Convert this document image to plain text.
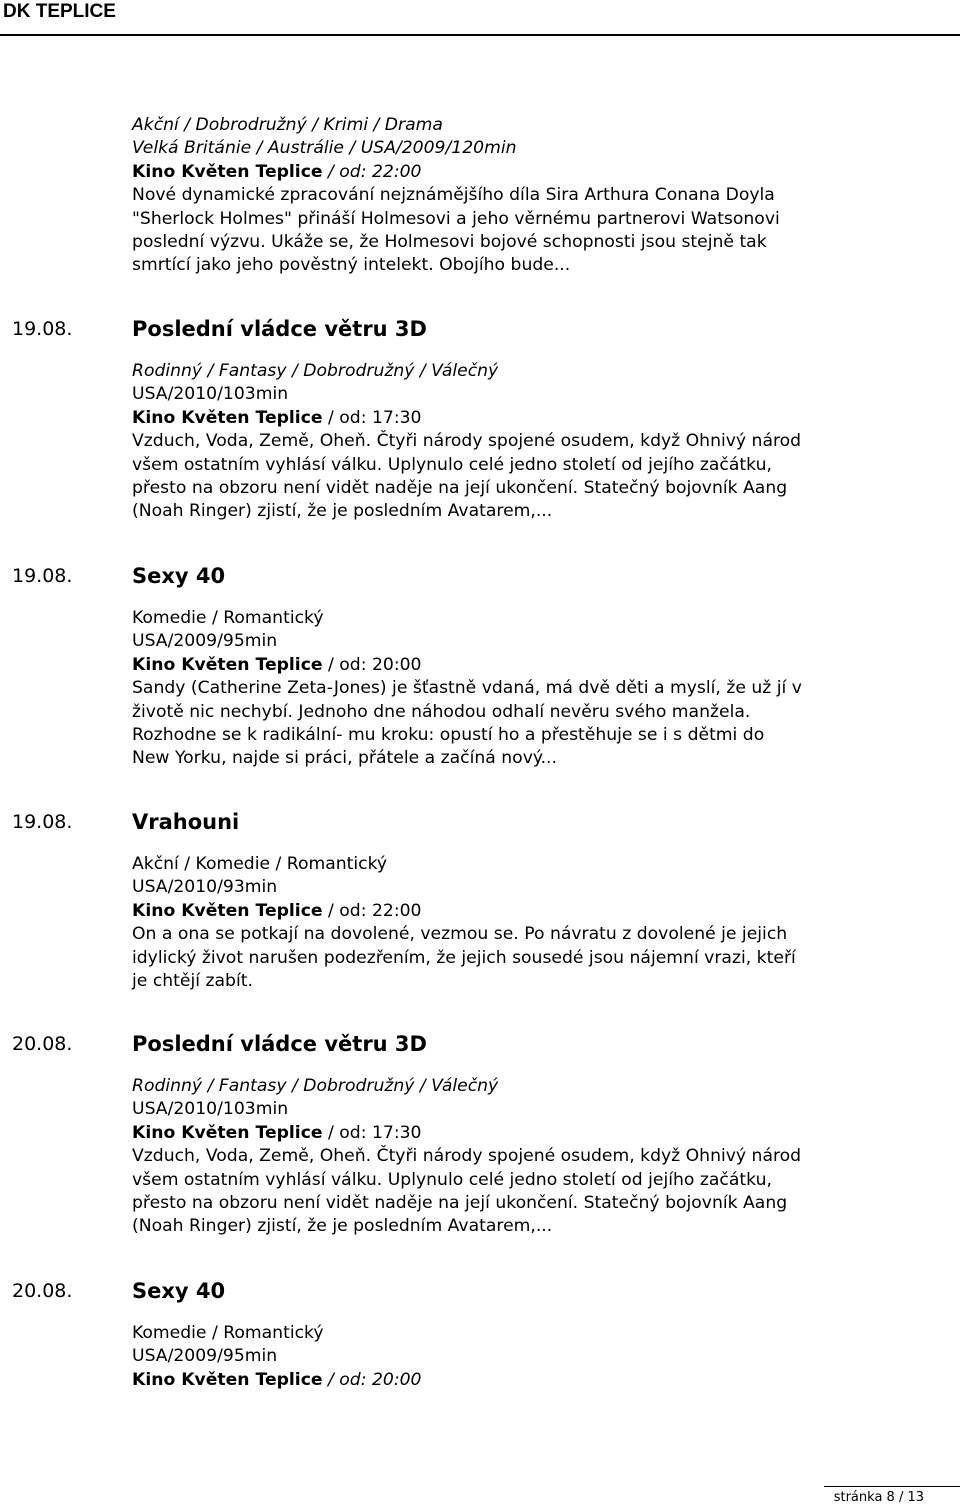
DK TEPLICE
Akční / Dobrodružný / Krimi / Drama
Velká Británie / Austrálie / USA/2009/120min
Kino Květen Teplice / od: 22:00
Nové dynamické zpracování nejznámějšího díla Sira Arthura Conana Doyla
"Sherlock Holmes" přináší Holmesovi a jeho věrnému partnerovi Watsonovi
poslední výzvu. Ukáže se, že Holmesovi bojové schopnosti jsou stejně tak
smrtící jako jeho pověstný intelekt. Obojího bude...
19.08.	Poslední vládce větru 3D
Rodinný / Fantasy / Dobrodružný / Válečný
USA/2010/103min
Kino Květen Teplice / od: 17:30
Vzduch, Voda, Země, Oheň. Čtyři národy spojené osudem, když Ohnivý národ
všem ostatním vyhlásí válku. Uplynulo celé jedno století od jejího začátku,
přesto na obzoru není vidět naděje na její ukončení. Statečný bojovník Aang
(Noah Ringer) zjistí, že je posledním Avatarem,...
19.08.	Sexy 40
Komedie / Romantický
USA/2009/95min
Kino Květen Teplice / od: 20:00
Sandy (Catherine Zeta-Jones) je šťastně vdaná, má dvě děti a myslí, že už jí v
životě nic nechybí. Jednoho dne náhodou odhalí nevěru svého manžela.
Rozhodne se k radikální- mu kroku: opustí ho a přestěhuje se i s dětmi do
New Yorku, najde si práci, přátele a začíná nový...
19.08.	Vrahouni
Akční / Komedie / Romantický
USA/2010/93min
Kino Květen Teplice / od: 22:00
On a ona se potkají na dovolené, vezmou se. Po návratu z dovolené je jejich
idylický život narušen podezřením, že jejich sousedé jsou nájemní vrazi, kteří
je chtějí zabít.
20.08.	Poslední vládce větru 3D
Rodinný / Fantasy / Dobrodružný / Válečný
USA/2010/103min
Kino Květen Teplice / od: 17:30
Vzduch, Voda, Země, Oheň. Čtyři národy spojené osudem, když Ohnivý národ
všem ostatním vyhlásí válku. Uplynulo celé jedno století od jejího začátku,
přesto na obzoru není vidět naděje na její ukončení. Statečný bojovník Aang
(Noah Ringer) zjistí, že je posledním Avatarem,...
20.08.	Sexy 40
Komedie / Romantický
USA/2009/95min
Kino Květen Teplice / od: 20:00
stránka 8 / 13
